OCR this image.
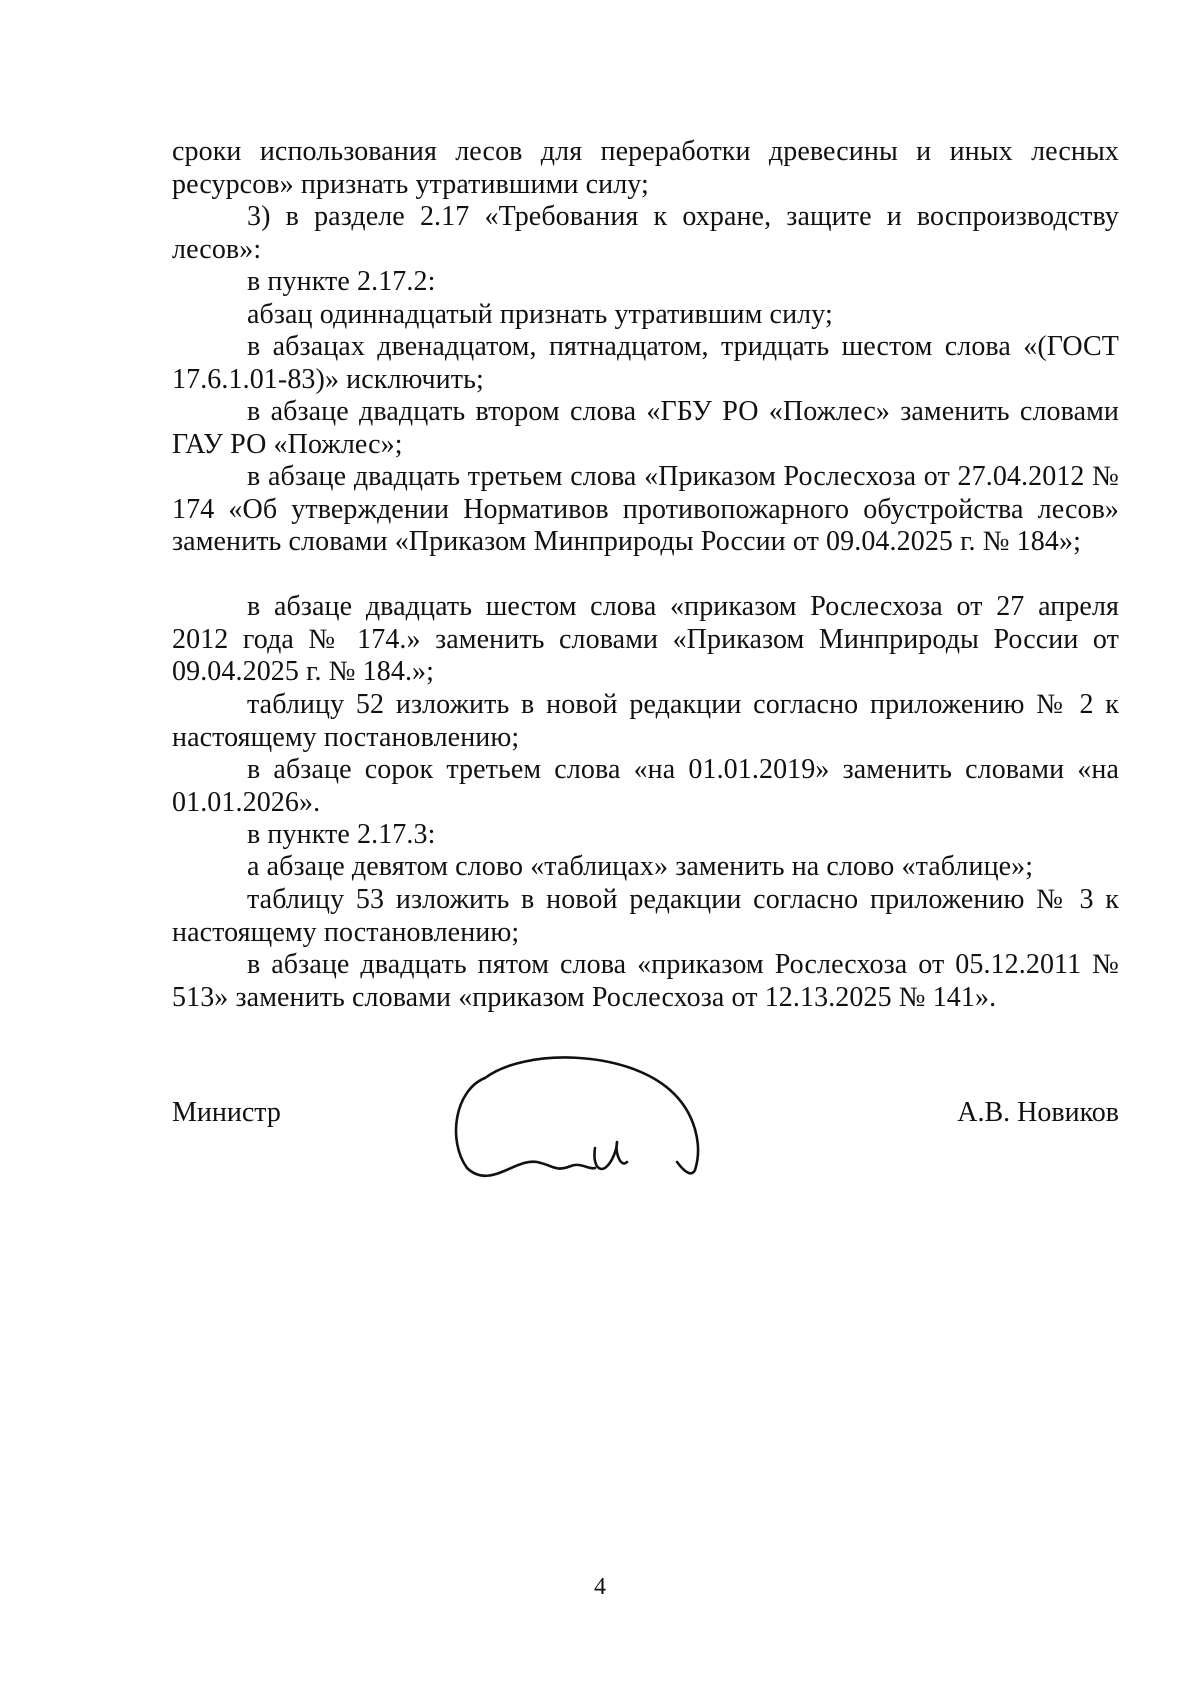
сроки использования лесов для переработки древесины и иных лесных ресурсов» признать утратившими силу;
3) в разделе 2.17 «Требования к охране, защите и воспроизводству лесов»:
в пункте 2.17.2:
абзац одиннадцатый признать утратившим силу;
в абзацах двенадцатом, пятнадцатом, тридцать шестом слова «(ГОСТ 17.6.1.01-83)» исключить;
в абзаце двадцать втором слова «ГБУ РО «Пожлес» заменить словами ГАУ РО «Пожлес»;
в абзаце двадцать третьем слова «Приказом Рослесхоза от 27.04.2012 № 174 «Об утверждении Нормативов противопожарного обустройства лесов» заменить словами «Приказом Минприроды России от 09.04.2025 г. № 184»;
в абзаце двадцать шестом слова «приказом Рослесхоза от 27 апреля 2012 года № 174.» заменить словами «Приказом Минприроды России от 09.04.2025 г. № 184.»;
таблицу 52 изложить в новой редакции согласно приложению № 2 к настоящему постановлению;
в абзаце сорок третьем слова «на 01.01.2019» заменить словами «на 01.01.2026».
в пункте 2.17.3:
а абзаце девятом слово «таблицах» заменить на слово «таблице»;
таблицу 53 изложить в новой редакции согласно приложению № 3 к настоящему постановлению;
в абзаце двадцать пятом слова «приказом Рослесхоза от 05.12.2011 № 513» заменить словами «приказом Рослесхоза от 12.13.2025 № 141».
Министр	А.В. Новиков
4
